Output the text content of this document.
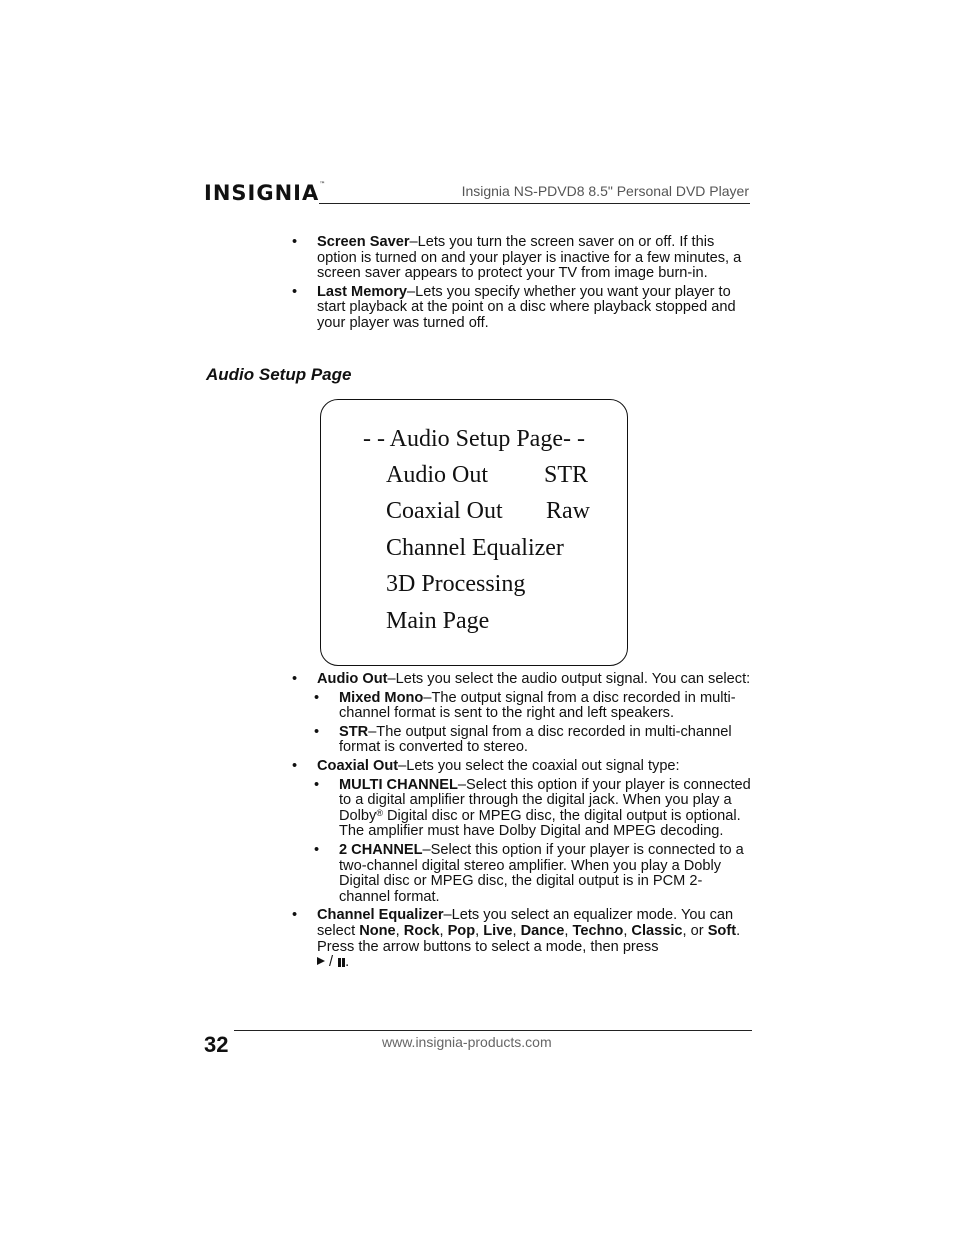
INSIGNIA™	Insignia NS-PDVD8 8.5" Personal DVD Player
• Screen Saver–Lets you turn the screen saver on or off. If this option is turned on and your player is inactive for a few minutes, a screen saver appears to protect your TV from image burn-in.

• Last Memory–Lets you specify whether you want your player to start playback at the point on a disc where playback stopped and your player was turned off.

Audio Setup Page
- - Audio Setup Page- -
Audio Out STR
Coaxial Out Raw
Channel Equalizer
3D Processing
Main Page
• Audio Out–Lets you select the audio output signal. You can select:

• Mixed Mono–The output signal from a disc recorded in multi-channel format is sent to the right and left speakers.

• STR–The output signal from a disc recorded in multi-channel format is converted to stereo.

• Coaxial Out–Lets you select the coaxial out signal type:

• MULTI CHANNEL–Select this option if your player is connected to a digital amplifier through the digital jack. When you play a Dolby® Digital disc or MPEG disc, the digital output is optional. The amplifier must have Dolby Digital and MPEG decoding.

• 2 CHANNEL–Select this option if your player is connected to a two-channel digital stereo amplifier. When you play a Dobly Digital disc or MPEG disc, the digital output is in PCM 2-channel format.

• Channel Equalizer–Lets you select an equalizer mode. You can select None, Rock, Pop, Live, Dance, Techno, Classic, or Soft. Press the arrow buttons to select a mode, then press
/ .

32	www.insignia-products.com
